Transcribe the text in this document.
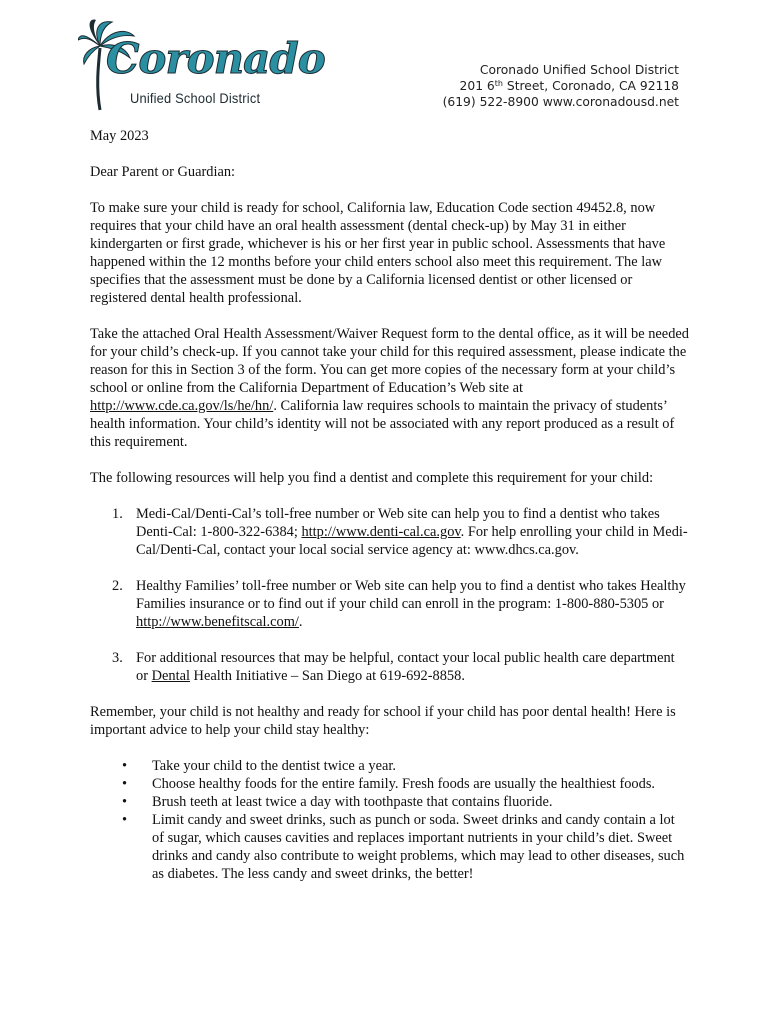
Coronado
Unified School District
Coronado Unified School District
201 6th Street, Coronado, CA 92118
(619) 522-8900 www.coronadousd.net

May 2023

Dear Parent or Guardian:

To make sure your child is ready for school, California law, Education Code section 49452.8, now requires that your child have an oral health assessment (dental check-up) by May 31 in either kindergarten or first grade, whichever is his or her first year in public school. Assessments that have happened within the 12 months before your child enters school also meet this requirement. The law specifies that the assessment must be done by a California licensed dentist or other licensed or registered dental health professional.

Take the attached Oral Health Assessment/Waiver Request form to the dental office, as it will be needed for your child’s check-up. If you cannot take your child for this required assessment, please indicate the reason for this in Section 3 of the form. You can get more copies of the necessary form at your child’s school or online from the California Department of Education’s Web site at http://www.cde.ca.gov/ls/he/hn/. California law requires schools to maintain the privacy of students’ health information. Your child’s identity will not be associated with any report produced as a result of this requirement.

The following resources will help you find a dentist and complete this requirement for your child:

1. Medi-Cal/Denti-Cal’s toll-free number or Web site can help you to find a dentist who takes Denti-Cal: 1-800-322-6384; http://www.denti-cal.ca.gov. For help enrolling your child in Medi-Cal/Denti-Cal, contact your local social service agency at: www.dhcs.ca.gov.
2. Healthy Families’ toll-free number or Web site can help you to find a dentist who takes Healthy Families insurance or to find out if your child can enroll in the program: 1-800-880-5305 or http://www.benefitscal.com/.
3. For additional resources that may be helpful, contact your local public health care department or Dental Health Initiative – San Diego at 619-692-8858.

Remember, your child is not healthy and ready for school if your child has poor dental health! Here is important advice to help your child stay healthy:

• Take your child to the dentist twice a year.
• Choose healthy foods for the entire family. Fresh foods are usually the healthiest foods.
• Brush teeth at least twice a day with toothpaste that contains fluoride.
• Limit candy and sweet drinks, such as punch or soda. Sweet drinks and candy contain a lot of sugar, which causes cavities and replaces important nutrients in your child’s diet. Sweet drinks and candy also contribute to weight problems, which may lead to other diseases, such as diabetes. The less candy and sweet drinks, the better!
